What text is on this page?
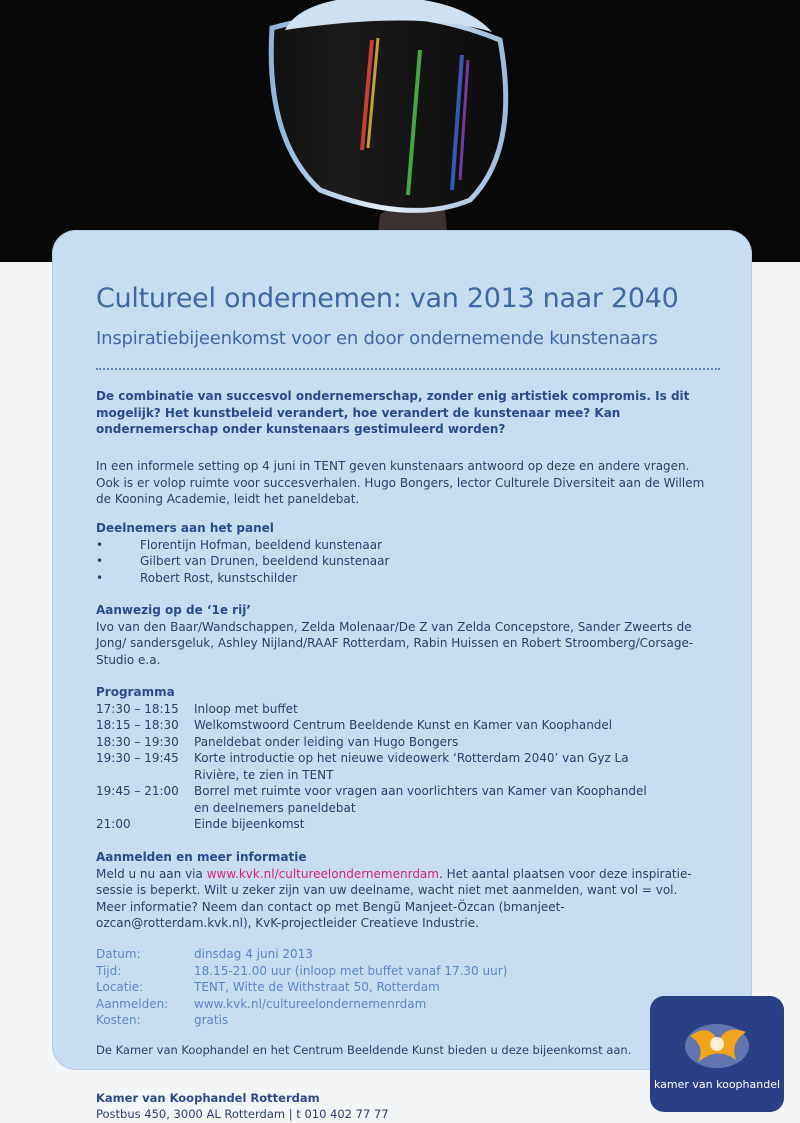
Cultureel ondernemen: van 2013 naar 2040
Inspiratiebijeenkomst voor en door ondernemende kunstenaars
De combinatie van succesvol ondernemerschap, zonder enig artistiek compromis. Is dit mogelijk? Het kunstbeleid verandert, hoe verandert de kunstenaar mee? Kan ondernemerschap onder kunstenaars gestimuleerd worden?
In een informele setting op 4 juni in TENT geven kunstenaars antwoord op deze en andere vragen. Ook is er volop ruimte voor succesverhalen. Hugo Bongers, lector Culturele Diversiteit aan de Willem de Kooning Academie, leidt het paneldebat.
Deelnemers aan het panel
•	Florentijn Hofman, beeldend kunstenaar
•	Gilbert van Drunen, beeldend kunstenaar
•	Robert Rost, kunstschilder
Aanwezig op de ‘1e rij’
Ivo van den Baar/Wandschappen, Zelda Molenaar/De Z van Zelda Concepstore, Sander Zweerts de Jong/ sandersgeluk, Ashley Nijland/RAAF Rotterdam, Rabin Huissen en Robert Stroomberg/Corsage-Studio e.a.
Programma
17:30 – 18:15	Inloop met buffet
18:15 – 18:30	Welkomstwoord Centrum Beeldende Kunst en Kamer van Koophandel
18:30 – 19:30	Paneldebat onder leiding van Hugo Bongers
19:30 – 19:45	Korte introductie op het nieuwe videowerk ‘Rotterdam 2040’ van Gyz La Rivière, te zien in TENT
19:45 – 21:00	Borrel met ruimte voor vragen aan voorlichters van Kamer van Koophandel en deelnemers paneldebat
21:00	Einde bijeenkomst
Aanmelden en meer informatie
Meld u nu aan via www.kvk.nl/cultureelondernemenrdam. Het aantal plaatsen voor deze inspiratie-sessie is beperkt. Wilt u zeker zijn van uw deelname, wacht niet met aanmelden, want vol = vol.
Meer informatie? Neem dan contact op met Bengü Manjeet-Özcan (bmanjeet-ozcan@rotterdam.kvk.nl), KvK-projectleider Creatieve Industrie.
Datum:	dinsdag 4 juni 2013
Tijd:	18.15-21.00 uur (inloop met buffet vanaf 17.30 uur)
Locatie:	TENT, Witte de Withstraat 50, Rotterdam
Aanmelden:	www.kvk.nl/cultureelondernemenrdam
Kosten:	gratis
De Kamer van Koophandel en het Centrum Beeldende Kunst bieden u deze bijeenkomst aan.
Kamer van Koophandel Rotterdam
Postbus 450, 3000 AL Rotterdam | t 010 402 77 77
kamer van koophandel
